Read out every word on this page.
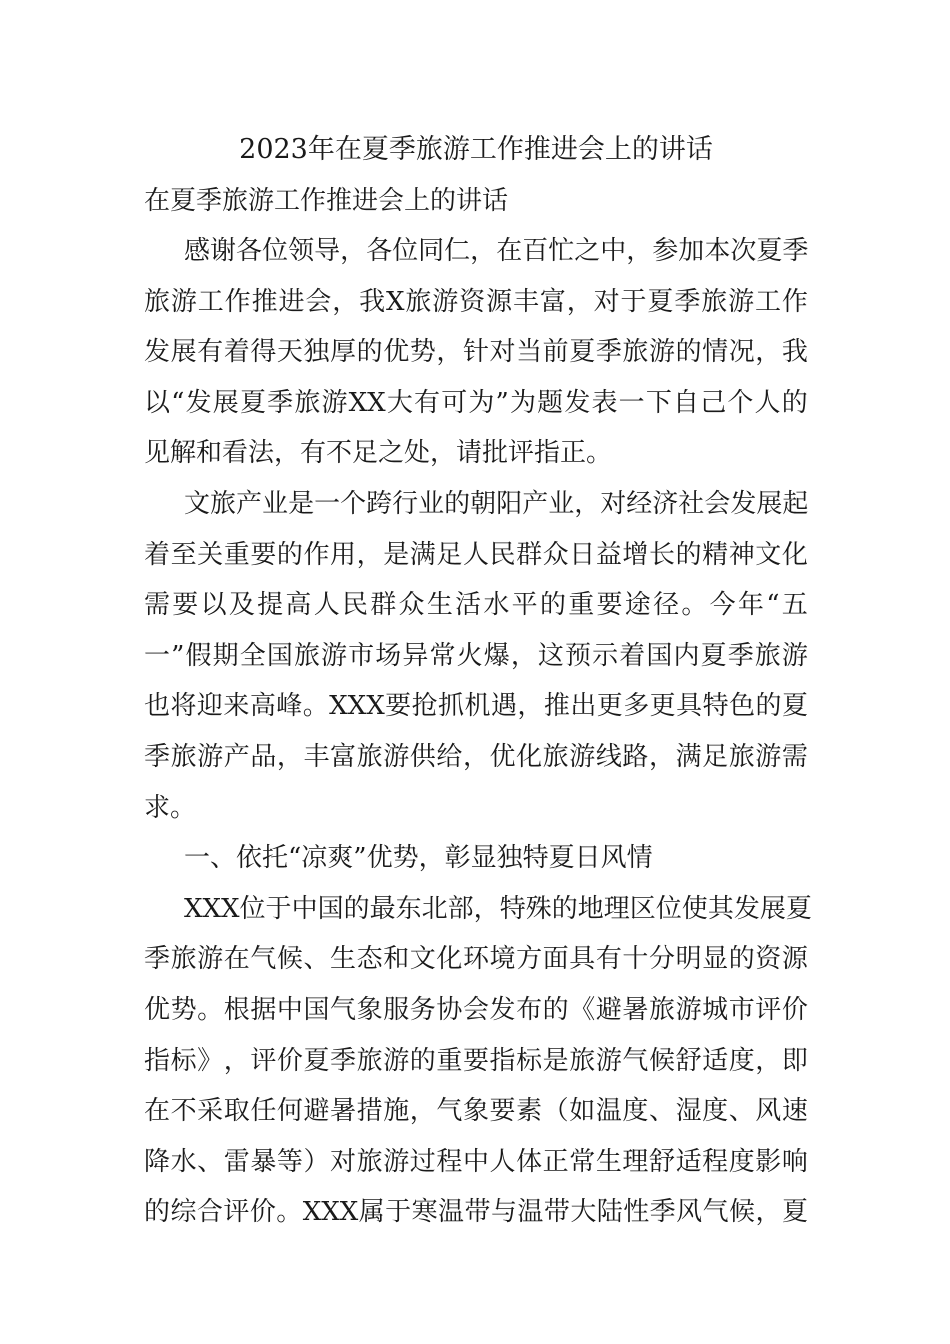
2023年在夏季旅游工作推进会上的讲话
在夏季旅游工作推进会上的讲话
感 谢 各 位 领 导 ， 各 位 同 仁 ， 在 百 忙 之 中 ， 参 加 本 次 夏 季
旅 游 工 作 推 进 会 ， 我 X 旅 游 资 源 丰 富 ， 对 于 夏 季 旅 游 工 作
发 展 有 着 得 天 独 厚 的 优 势 ， 针 对 当 前 夏 季 旅 游 的 情 况 ， 我
以 “ 发 展 夏 季 旅 游 XX 大 有 可 为 ” 为 题 发 表 一 下 自 己 个 人 的
见解和看法，有不足之处，请批评指正。
文 旅 产 业 是 一 个 跨 行 业 的 朝 阳 产 业 ， 对 经 济 社 会 发 展 起
着 至 关 重 要 的 作 用 ， 是 满 足 人 民 群 众 日 益 增 长 的 精 神 文 化
需 要 以 及 提 高 人 民 群 众 生 活 水 平 的 重 要 途 径 。 今 年 “ 五
一 ” 假 期 全 国 旅 游 市 场 异 常 火 爆 ， 这 预 示 着 国 内 夏 季 旅 游
也 将 迎 来 高 峰 。 XXX 要 抢 抓 机 遇 ， 推 出 更 多 更 具 特 色 的 夏
季 旅 游 产 品 ， 丰 富 旅 游 供 给 ， 优 化 旅 游 线 路 ， 满 足 旅 游 需
求。
一、依托“凉爽”优势，彰显独特夏日风情
XXX 位 于 中 国 的 最 东 北 部 ， 特 殊 的 地 理 区 位 使 其 发 展 夏
季 旅 游 在 气 候 、 生 态 和 文 化 环 境 方 面 具 有 十 分 明 显 的 资 源
优 势 。 根 据 中 国 气 象 服 务 协 会 发 布 的 《 避 暑 旅 游 城 市 评 价
指 标 》 ， 评 价 夏 季 旅 游 的 重 要 指 标 是 旅 游 气 候 舒 适 度 ， 即
在 不 采 取 任 何 避 暑 措 施 ， 气 象 要 素 （ 如 温 度 、 湿 度 、 风 速
降 水 、 雷 暴 等 ） 对 旅 游 过 程 中 人 体 正 常 生 理 舒 适 程 度 影 响
的 综 合 评 价 。 XXX 属 于 寒 温 带 与 温 带 大 陆 性 季 风 气 候 ， 夏
